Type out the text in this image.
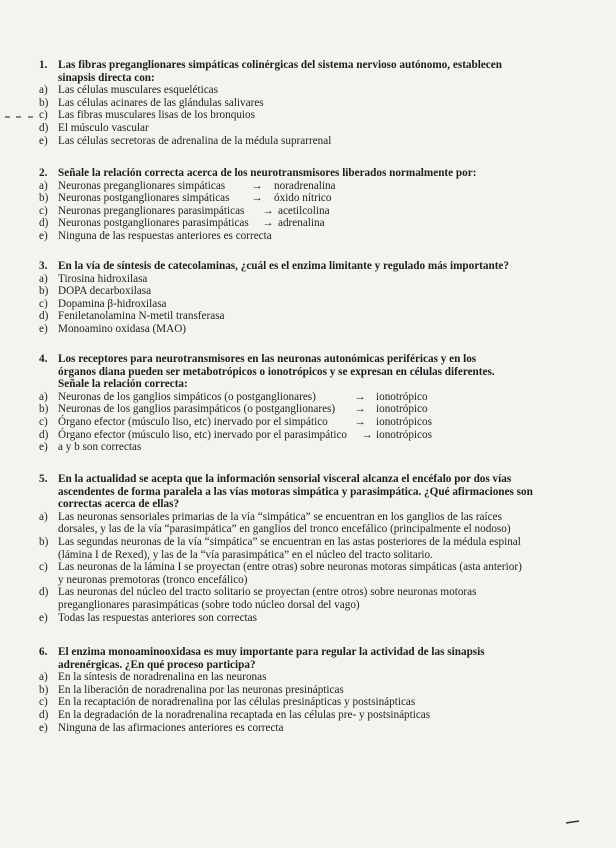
1. Las fibras preganglionares simpáticas colinérgicas del sistema nervioso autónomo, establecen sinapsis directa con:
a) Las células musculares esqueléticas
b) Las células acinares de las glándulas salivares
c) Las fibras musculares lisas de los bronquios
d) El músculo vascular
e) Las células secretoras de adrenalina de la médula suprarrenal
2. Señale la relación correcta acerca de los neurotransmisores liberados normalmente por:
a) Neuronas preganglionares simpáticas → noradrenalina
b) Neuronas postganglionares simpáticas → óxido nítrico
c) Neuronas preganglionares parasimpáticas → acetilcolina
d) Neuronas postganglionares parasimpáticas → adrenalina
e) Ninguna de las respuestas anteriores es correcta
3. En la vía de síntesis de catecolaminas, ¿cuál es el enzima limitante y regulado más importante?
a) Tirosina hidroxilasa
b) DOPA decarboxilasa
c) Dopamina β-hidroxilasa
d) Feniletanolamina N-metil transferasa
e) Monoamino oxidasa (MAO)
4. Los receptores para neurotransmisores en las neuronas autonómicas periféricas y en los órganos diana pueden ser metabotrópicos o ionotrópicos y se expresan en células diferentes. Señale la relación correcta:
a) Neuronas de los ganglios simpáticos (o postganglionares)	→ ionotrópico
b) Neuronas de los ganglios parasimpáticos (o postganglionares) → ionotrópico
c) Órgano efector (músculo liso, etc) inervado por el simpático → ionotrópicos
d) Órgano efector (músculo liso, etc) inervado por el parasimpático → ionotrópicos
e) a y b son correctas
5. En la actualidad se acepta que la información sensorial visceral alcanza el encéfalo por dos vías ascendentes de forma paralela a las vías motoras simpática y parasimpática. ¿Qué afirmaciones son correctas acerca de ellas?
a) Las neuronas sensoriales primarias de la vía “simpática” se encuentran en los ganglios de las raíces dorsales, y las de la vía “parasimpática” en ganglios del tronco encefálico (principalmente el nodoso)
b) Las segundas neuronas de la vía “simpática” se encuentran en las astas posteriores de la médula espinal (lámina I de Rexed), y las de la “vía parasimpática” en el núcleo del tracto solitario.
c) Las neuronas de la lámina I se proyectan (entre otras) sobre neuronas motoras simpáticas (asta anterior) y neuronas premotoras (tronco encefálico)
d) Las neuronas del núcleo del tracto solitario se proyectan (entre otros) sobre neuronas motoras preganglionares parasimpáticas (sobre todo núcleo dorsal del vago)
e) Todas las respuestas anteriores son correctas
6. El enzima monoaminooxidasa es muy importante para regular la actividad de las sinapsis adrenérgicas. ¿En qué proceso participa?
a) En la síntesis de noradrenalina en las neuronas
b) En la liberación de noradrenalina por las neuronas presinápticas
c) En la recaptación de noradrenalina por las células presinápticas y postsinápticas
d) En la degradación de la noradrenalina recaptada en las células pre- y postsinápticas
e) Ninguna de las afirmaciones anteriores es correcta
